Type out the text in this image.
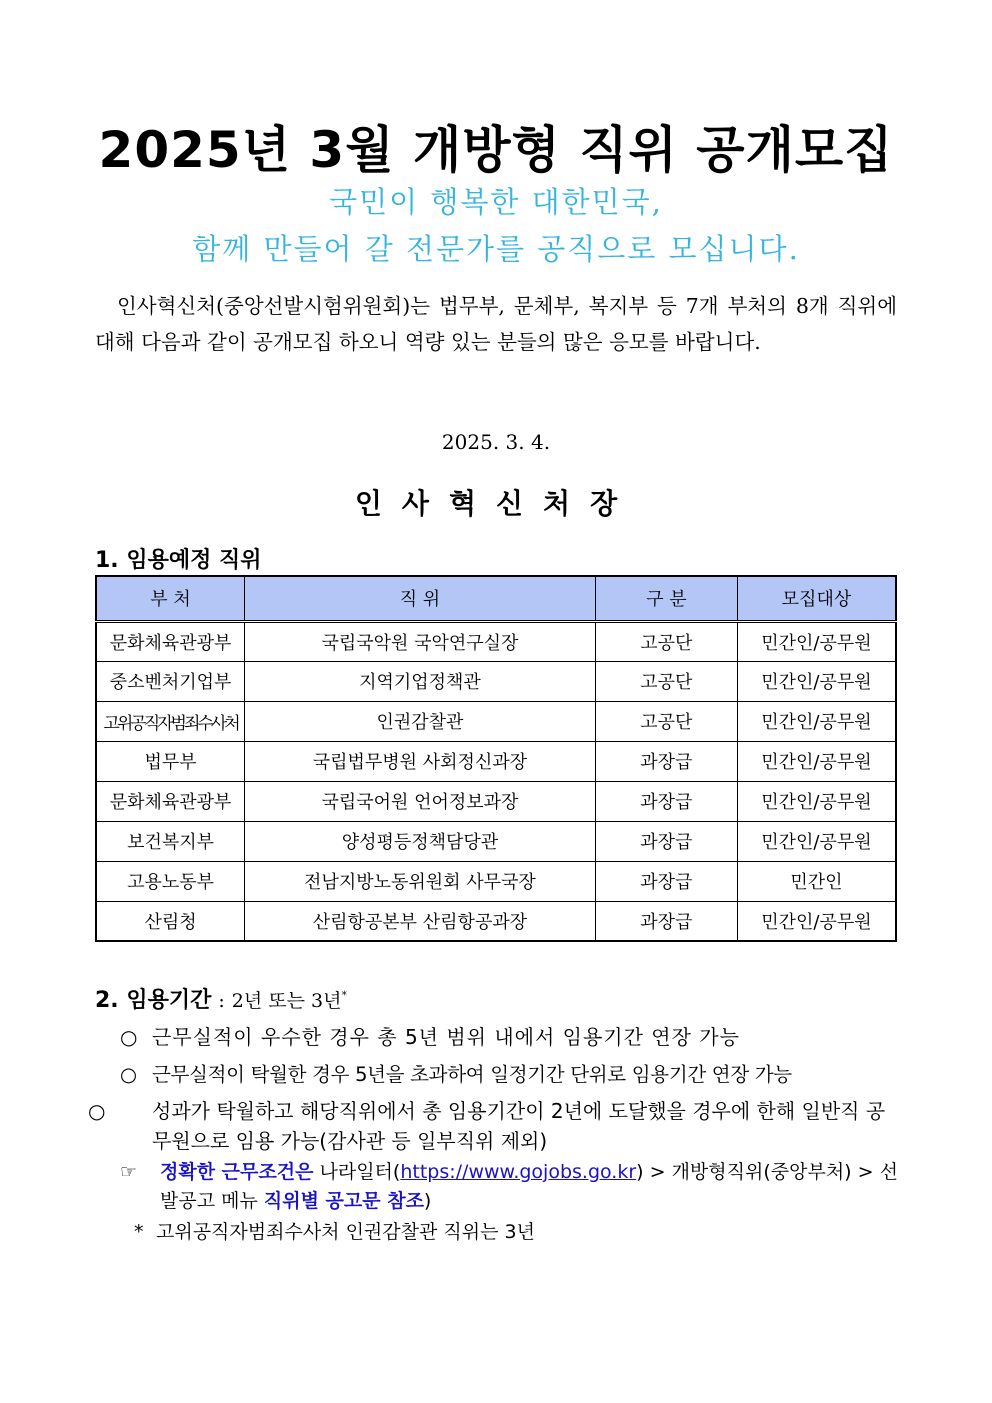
2025년 3월 개방형 직위 공개모집
국민이 행복한 대한민국,
함께 만들어 갈 전문가를 공직으로 모십니다.
인사혁신처(중앙선발시험위원회)는 법무부, 문체부, 복지부 등 7개 부처의 8개 직위에 대해 다음과 같이 공개모집 하오니 역량 있는 분들의 많은 응모를 바랍니다.
2025. 3. 4.
인사혁신처장
1. 임용예정 직위
부 처	직 위	구 분	모집대상
문화체육관광부	국립국악원 국악연구실장	고공단	민간인/공무원
중소벤처기업부	지역기업정책관	고공단	민간인/공무원
고위공직자범죄수사처	인권감찰관	고공단	민간인/공무원
법무부	국립법무병원 사회정신과장	과장급	민간인/공무원
문화체육관광부	국립국어원 언어정보과장	과장급	민간인/공무원
보건복지부	양성평등정책담당관	과장급	민간인/공무원
고용노동부	전남지방노동위원회 사무국장	과장급	민간인
산림청	산림항공본부 산림항공과장	과장급	민간인/공무원
2. 임용기간 : 2년 또는 3년*
○ 근무실적이 우수한 경우 총 5년 범위 내에서 임용기간 연장 가능
○ 근무실적이 탁월한 경우 5년을 초과하여 일정기간 단위로 임용기간 연장 가능
○ 성과가 탁월하고 해당직위에서 총 임용기간이 2년에 도달했을 경우에 한해 일반직 공무원으로 임용 가능(감사관 등 일부직위 제외)
☞ 정확한 근무조건은 나라일터(https://www.gojobs.go.kr) > 개방형직위(중앙부처) > 선발공고 메뉴 직위별 공고문 참조)
* 고위공직자범죄수사처 인권감찰관 직위는 3년
